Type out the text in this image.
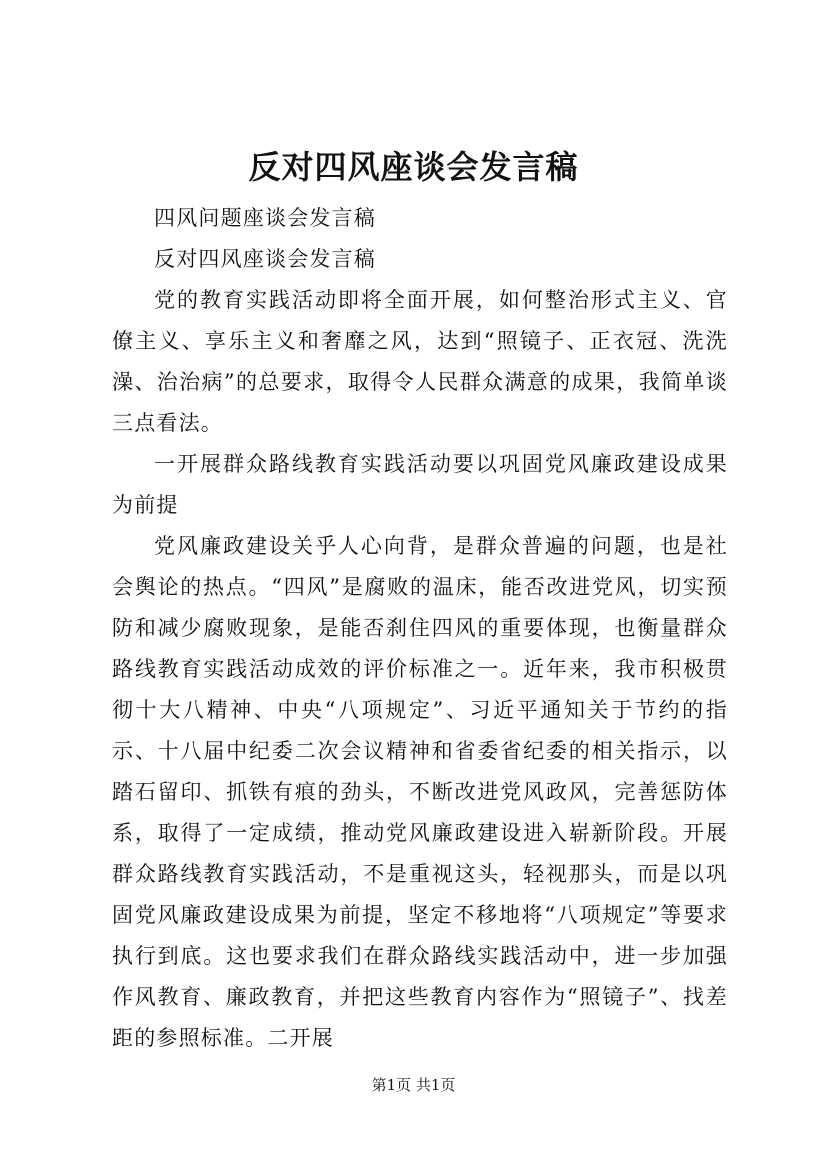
反对四风座谈会发言稿

四风问题座谈会发言稿

反对四风座谈会发言稿

党的教育实践活动即将全面开展，如何整治形式主义、官僚主义、享乐主义和奢靡之风，达到“照镜子、正衣冠、洗洗澡、治治病”的总要求，取得令人民群众满意的成果，我简单谈三点看法。

一开展群众路线教育实践活动要以巩固党风廉政建设成果为前提

党风廉政建设关乎人心向背，是群众普遍的问题，也是社会舆论的热点。“四风”是腐败的温床，能否改进党风，切实预防和减少腐败现象，是能否刹住四风的重要体现，也衡量群众路线教育实践活动成效的评价标准之一。近年来，我市积极贯彻十大八精神、中央“八项规定”、习近平通知关于节约的指示、十八届中纪委二次会议精神和省委省纪委的相关指示，以踏石留印、抓铁有痕的劲头，不断改进党风政风，完善惩防体系，取得了一定成绩，推动党风廉政建设进入崭新阶段。开展群众路线教育实践活动，不是重视这头，轻视那头，而是以巩固党风廉政建设成果为前提，坚定不移地将“八项规定”等要求执行到底。这也要求我们在群众路线实践活动中，进一步加强作风教育、廉政教育，并把这些教育内容作为“照镜子”、找差距的参照标准。二开展

第1页 共1页
